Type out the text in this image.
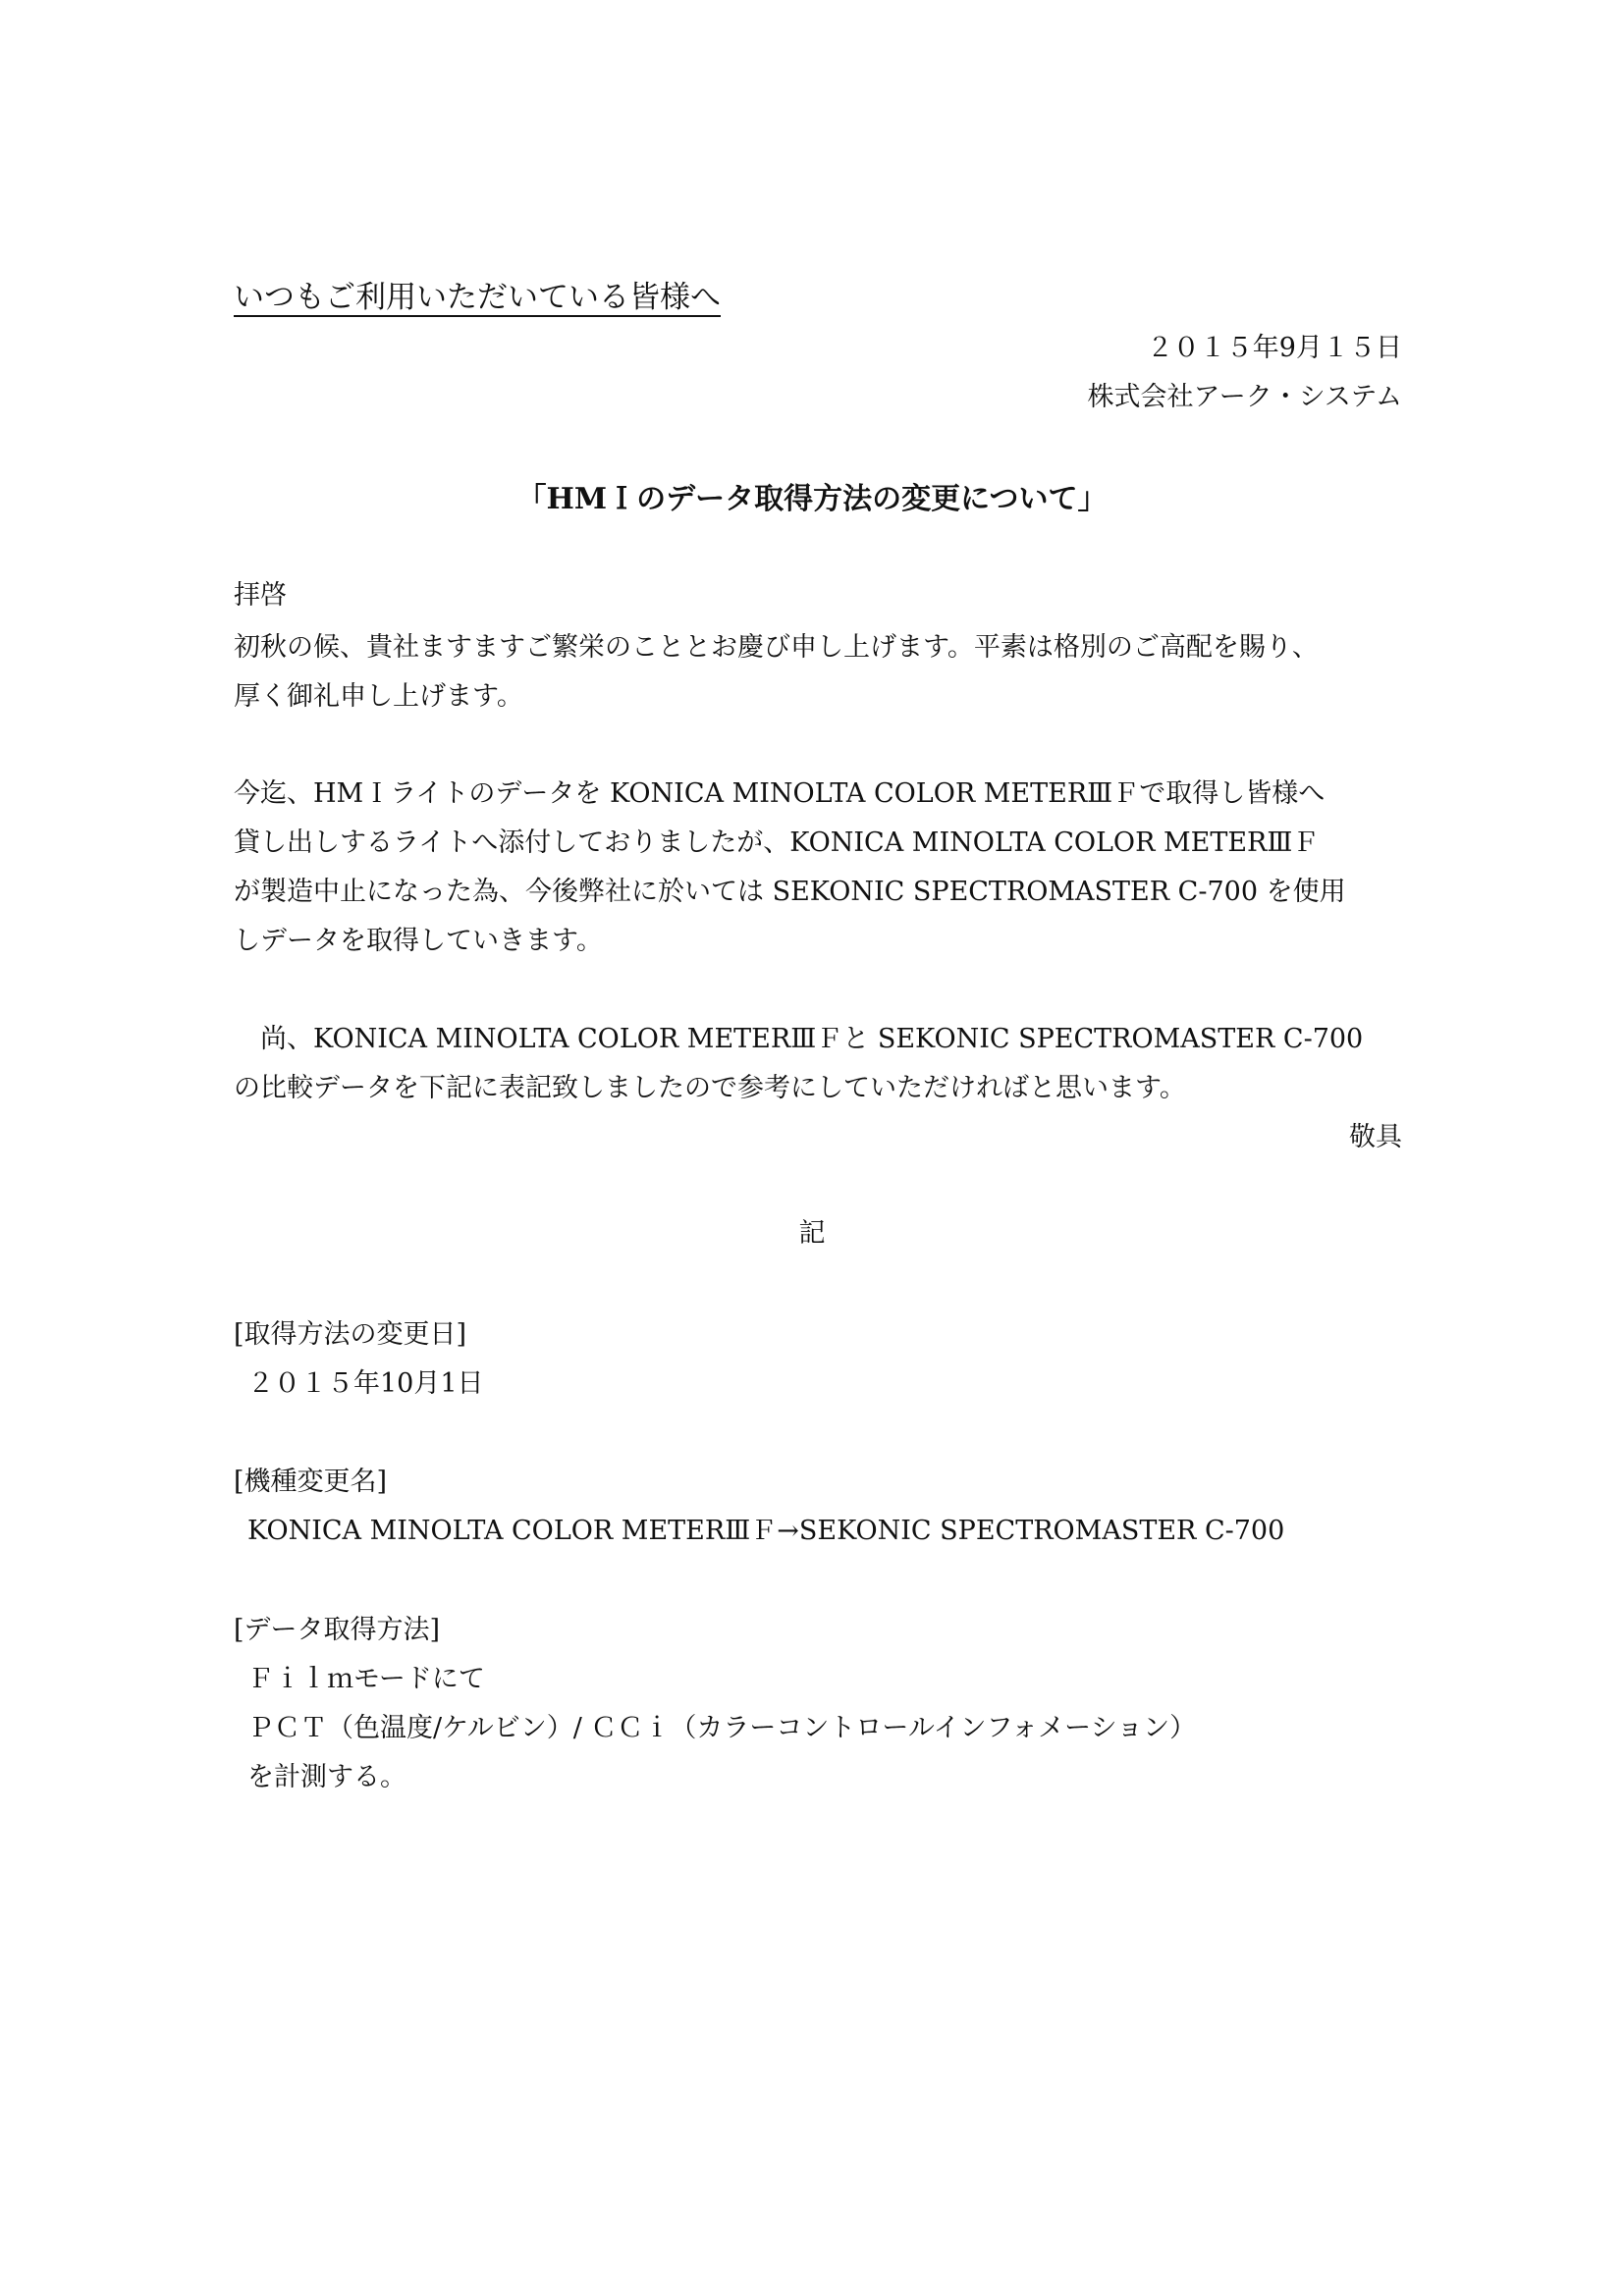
いつもご利用いただいている皆様へ
２０１５年9月１５日
株式会社アーク・システム
「HMＩのデータ取得方法の変更について」
拝啓
初秋の候、貴社ますますご繁栄のこととお慶び申し上げます。平素は格別のご高配を賜り、
厚く御礼申し上げます。
今迄、HMＩライトのデータを KONICA MINOLTA COLOR METERⅢＦで取得し皆様へ
貸し出しするライトへ添付しておりましたが、KONICA MINOLTA COLOR METERⅢＦ
が製造中止になった為、今後弊社に於いては SEKONIC SPECTROMASTER C-700 を使用
しデータを取得していきます。
　尚、KONICA MINOLTA COLOR METERⅢＦと SEKONIC SPECTROMASTER C-700
の比較データを下記に表記致しましたので参考にしていただければと思います。
敬具
記
[取得方法の変更日]
２０１５年10月1日
[機種変更名]
KONICA MINOLTA COLOR METERⅢＦ→SEKONIC SPECTROMASTER C-700
[データ取得方法]
Ｆｉｌｍモードにて
ＰＣＴ（色温度/ケルビン）/ ＣＣｉ（カラーコントロールインフォメーション）
を計測する。
